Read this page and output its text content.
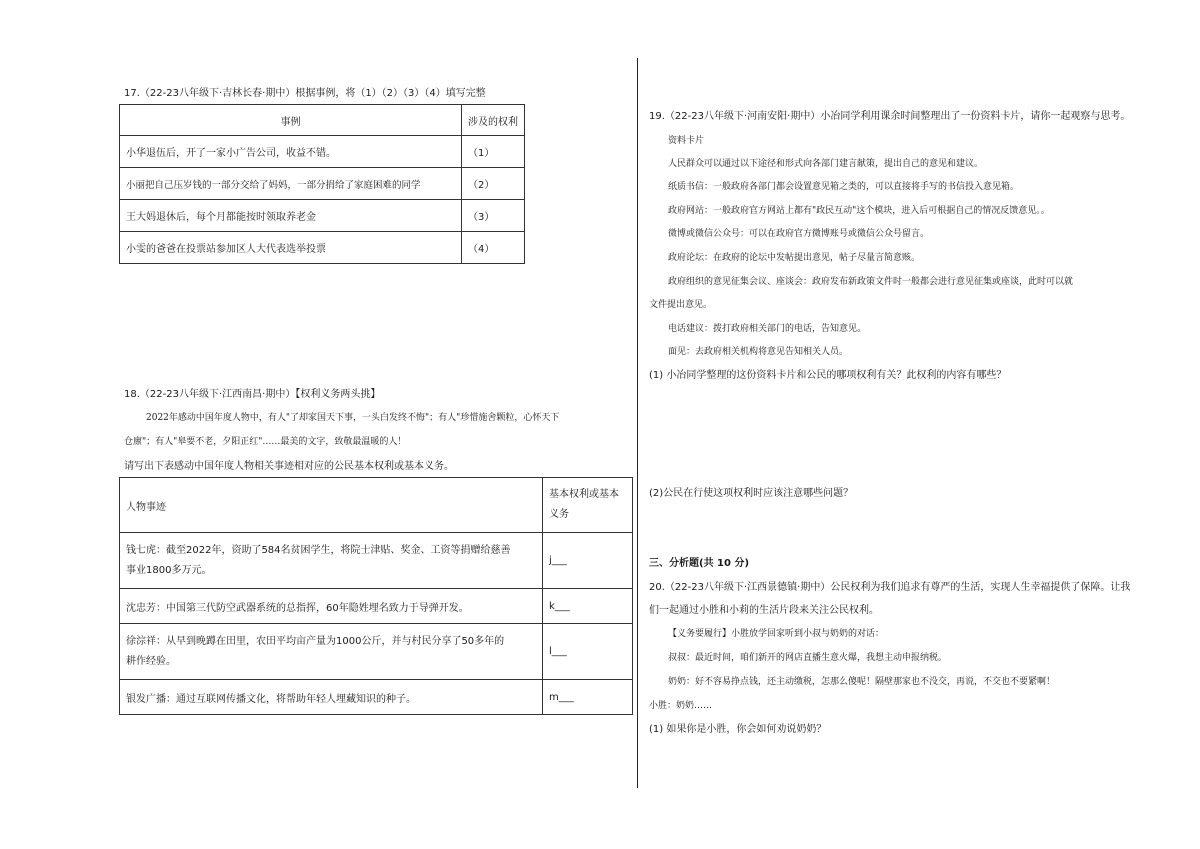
17.（22-23八年级下·吉林长春·期中）根据事例，将（1）（2）（3）（4）填写完整
事例	涉及的权利
小华退伍后，开了一家小广告公司，收益不错。	（1）
小丽把自己压岁钱的一部分交给了妈妈，一部分捐给了家庭困难的同学	（2）
王大妈退休后，每个月都能按时领取养老金	（3）
小雯的爸爸在投票站参加区人大代表选举投票	（4）
18.（22-23八年级下·江西南昌·期中）【权利义务两头挑】
2022年感动中国年度人物中，有人"了却家国天下事，一头白发终不悔"；有人"珍惜施舍颗粒，心怀天下
仓廪"；有人"皋要不老，夕阳正红"……最美的文字，致敬最温暖的人！
请写出下表感动中国年度人物相关事迹相对应的公民基本权利或基本义务。
人物事迹	基本权利或基本
义务

钱七虎：截至2022年，资助了584名贫困学生，将院士津贴、奖金、工资等捐赠给慈善
事业1800多万元。	j___
沈忠芳：中国第三代防空武器系统的总指挥，60年隐姓埋名致力于导弹开发。	k___

徐淙祥：从早到晚蹲在田里，农田平均亩产量为1000公斤，并与村民分享了50多年的
耕作经验。	l___
银发广播：通过互联网传播文化，将帮助年轻人埋藏知识的种子。	m___
19.（22-23八年级下·河南安阳·期中）小冶同学利用课余时间整理出了一份资料卡片，请你一起观察与思考。
资料卡片
人民群众可以通过以下途径和形式向各部门建言献策，提出自己的意见和建议。
纸质书信：一般政府各部门都会设置意见箱之类的，可以直接将手写的书信投入意见箱。
政府网站：一般政府官方网站上都有"政民互动"这个模块，进入后可根据自己的情况反馈意见。。
微博或微信公众号：可以在政府官方微博账号或微信公众号留言。
政府论坛：在政府的论坛中发帖提出意见，帖子尽量言简意赅。
政府组织的意见征集会议、座谈会：政府发布新政策文件时一般都会进行意见征集或座谈，此时可以就
文件提出意见。
电话建议：拨打政府相关部门的电话，告知意见。
面见：去政府相关机构将意见告知相关人员。
(1) 小冶同学整理的这份资料卡片和公民的哪项权利有关？此权利的内容有哪些？
(2)公民在行使这项权利时应该注意哪些问题？
三、分析题(共 10 分)
20.（22-23八年级下·江西景德镇·期中）公民权利为我们追求有尊严的生活，实现人生幸福提供了保障。让我
们一起通过小胜和小莉的生活片段来关注公民权利。
【义务要履行】小胜放学回家听到小叔与奶奶的对话：
叔叔：最近时间，咱们新开的网店直播生意火爆，我想主动申报纳税。
奶奶：好不容易挣点钱，还主动缴税，怎那么傻呢！隔壁那家也不没交，再说，不交也不要紧啊！
小胜：奶奶……
(1) 如果你是小胜，你会如何劝说奶奶？
